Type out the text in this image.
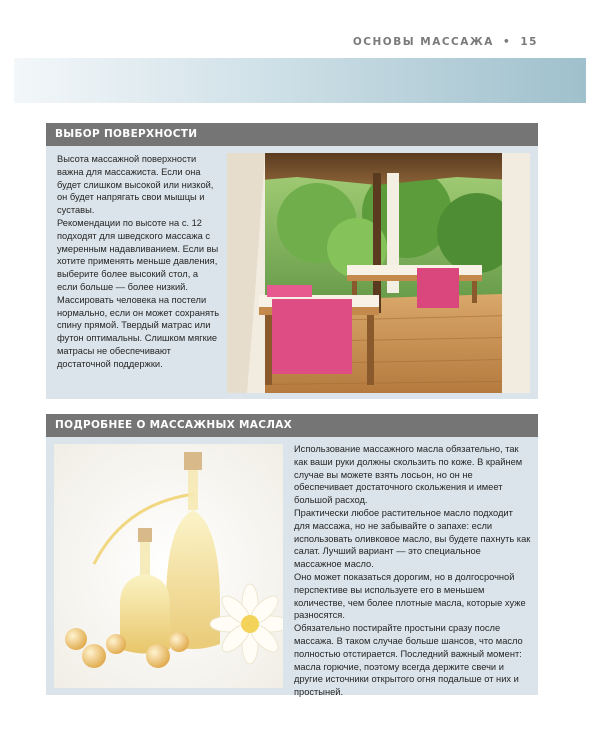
ОСНОВЫ МАССАЖА • 15
ВЫБОР ПОВЕРХНОСТИ

Высота массажной поверхности важна для массажиста. Если она будет слишком высокой или низкой, он будет напрягать свои мышцы и суставы.

Рекомендации по высоте на с. 12 подходят для шведского массажа с умеренным надавливанием. Если вы хотите применять меньше давления, выберите более высокий стол, а если больше — более низкий.

Массировать человека на постели нормально, если он может сохранять спину прямой. Твердый матрас или футон оптимальны. Слишком мягкие матрасы не обеспечивают достаточной поддержки.

ПОДРОБНЕЕ О МАССАЖНЫХ МАСЛАХ

Использование массажного масла обязательно, так как ваши руки должны скользить по коже. В крайнем случае вы можете взять лосьон, но он не обеспечивает достаточного скольжения и имеет большой расход.

Практически любое растительное масло подходит для массажа, но не забывайте о запахе: если использовать оливковое масло, вы будете пахнуть как салат. Лучший вариант — это специальное массажное масло.

Оно может показаться дорогим, но в долгосрочной перспективе вы используете его в меньшем количестве, чем более плотные масла, которые хуже разносятся.

Обязательно постирайте простыни сразу после массажа. В таком случае больше шансов, что масло полностью отстирается. Последний важный момент: масла горючие, поэтому всегда держите свечи и другие источники открытого огня подальше от них и простыней.
